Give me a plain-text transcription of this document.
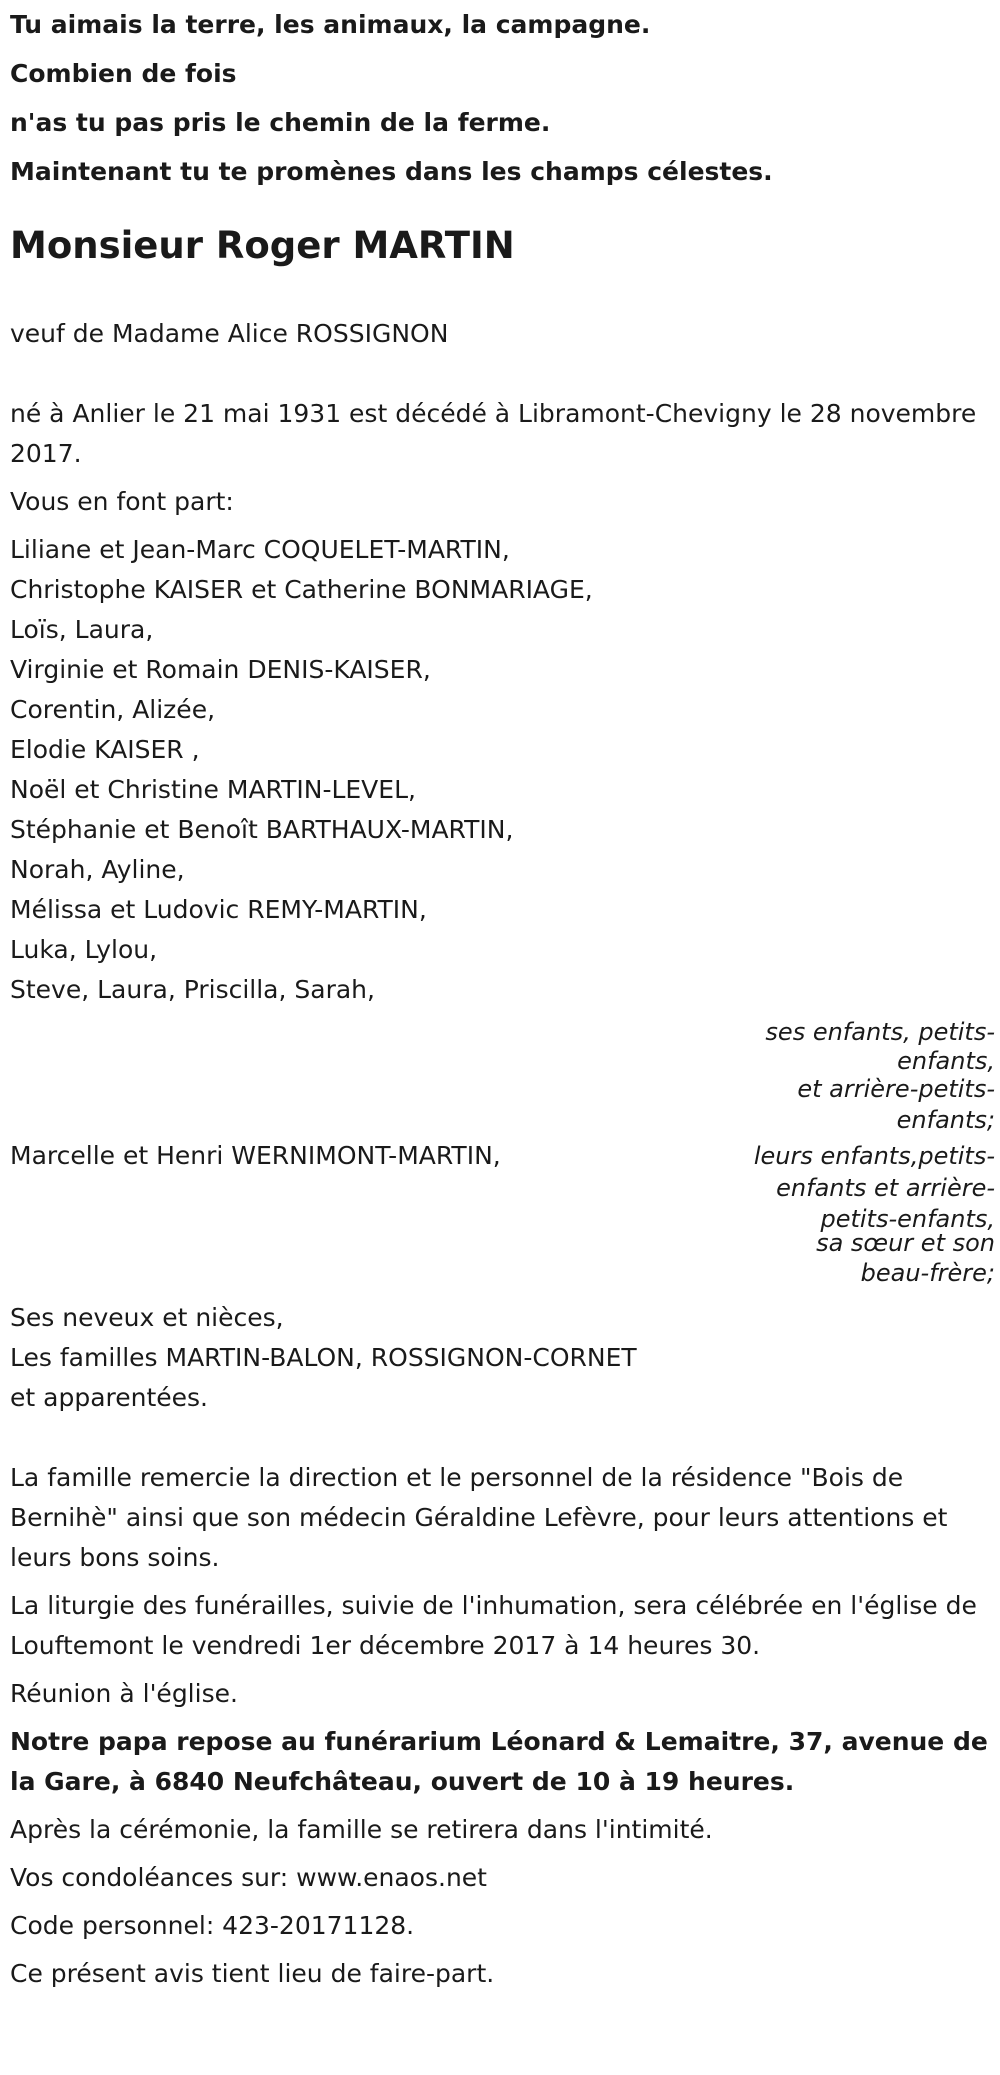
Tu aimais la terre, les animaux, la campagne.

Combien de fois

n'as tu pas pris le chemin de la ferme.

Maintenant tu te promènes dans les champs célestes.

Monsieur Roger MARTIN

veuf de Madame Alice ROSSIGNON

né à Anlier le 21 mai 1931 est décédé à Libramont-Chevigny le 28 novembre 2017.

Vous en font part:

Liliane et Jean-Marc COQUELET-MARTIN,

Christophe KAISER et Catherine BONMARIAGE,

Loïs, Laura,

Virginie et Romain DENIS-KAISER,

Corentin, Alizée,

Elodie KAISER ,

Noël et Christine MARTIN-LEVEL,

Stéphanie et Benoît BARTHAUX-MARTIN,

Norah, Ayline,

Mélissa et Ludovic REMY-MARTIN,

Luka, Lylou,

Steve, Laura, Priscilla, Sarah,

ses enfants, petits-
enfants,
et arrière-petits-
enfants;

Marcelle et Henri WERNIMONT-MARTIN,	leurs enfants,petits-
enfants et arrière-
petits-enfants,
sa sœur et son
beau-frère;

Ses neveux et nièces,

Les familles MARTIN-BALON, ROSSIGNON-CORNET

et apparentées.

La famille remercie la direction et le personnel de la résidence "Bois de Bernihè" ainsi que son médecin Géraldine Lefèvre, pour leurs attentions et leurs bons soins.

La liturgie des funérailles, suivie de l'inhumation, sera célébrée en l'église de Louftemont le vendredi 1er décembre 2017 à 14 heures 30.

Réunion à l'église.

Notre papa repose au funérarium Léonard & Lemaitre, 37, avenue de la Gare, à 6840 Neufchâteau, ouvert de 10 à 19 heures.

Après la cérémonie, la famille se retirera dans l'intimité.

Vos condoléances sur: www.enaos.net

Code personnel: 423-20171128.

Ce présent avis tient lieu de faire-part.
